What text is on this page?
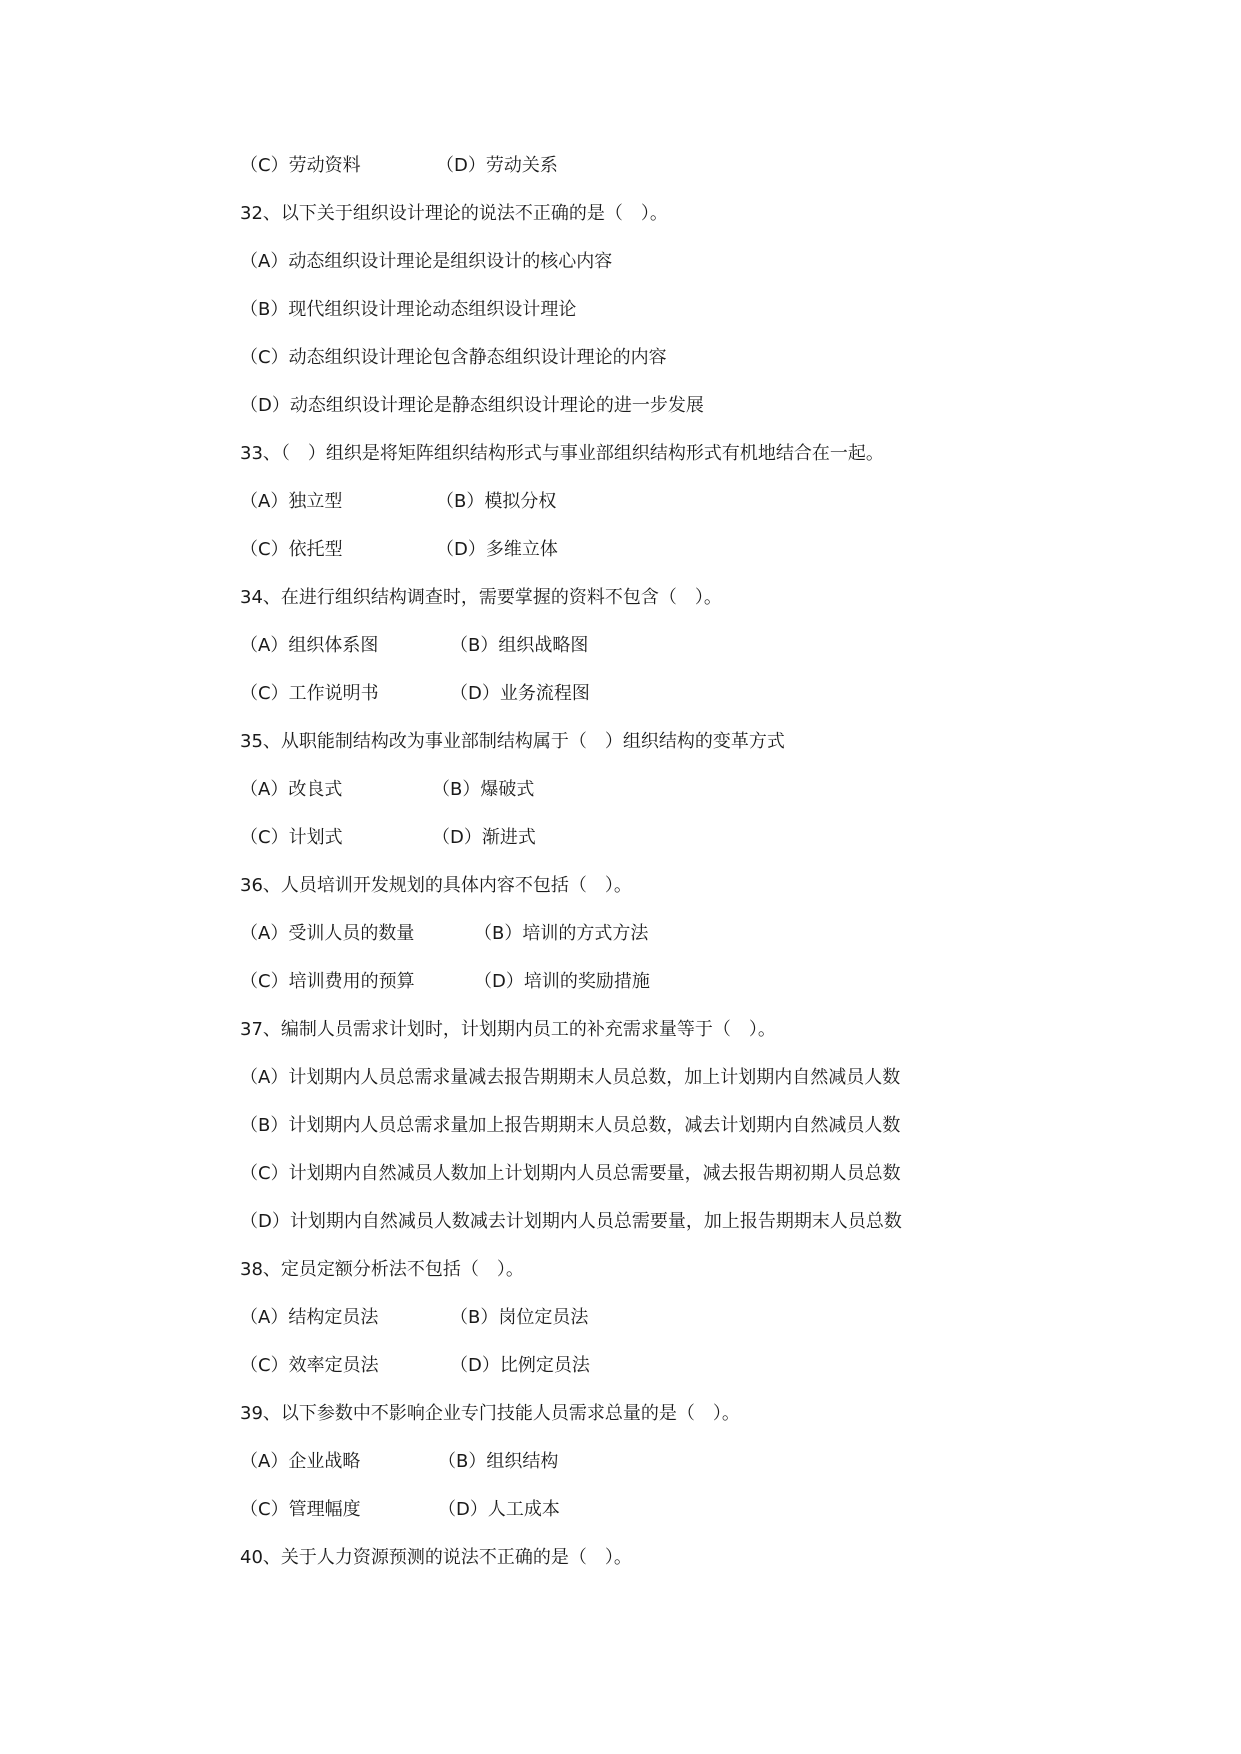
（C）劳动资料	（D）劳动关系
32、以下关于组织设计理论的说法不正确的是（　）。
（A）动态组织设计理论是组织设计的核心内容
（B）现代组织设计理论动态组织设计理论
（C）动态组织设计理论包含静态组织设计理论的内容
（D）动态组织设计理论是静态组织设计理论的进一步发展
33、（　）组织是将矩阵组织结构形式与事业部组织结构形式有机地结合在一起。
（A）独立型	（B）模拟分权
（C）依托型	（D）多维立体
34、在进行组织结构调查时，需要掌握的资料不包含（　）。
（A）组织体系图	（B）组织战略图
（C）工作说明书	（D）业务流程图
35、从职能制结构改为事业部制结构属于（　）组织结构的变革方式
（A）改良式	（B）爆破式
（C）计划式	（D）渐进式
36、人员培训开发规划的具体内容不包括（　）。
（A）受训人员的数量	（B）培训的方式方法
（C）培训费用的预算	（D）培训的奖励措施
37、编制人员需求计划时，计划期内员工的补充需求量等于（　）。
（A）计划期内人员总需求量减去报告期期末人员总数，加上计划期内自然减员人数
（B）计划期内人员总需求量加上报告期期末人员总数，减去计划期内自然减员人数
（C）计划期内自然减员人数加上计划期内人员总需要量，减去报告期初期人员总数
（D）计划期内自然减员人数减去计划期内人员总需要量，加上报告期期末人员总数
38、定员定额分析法不包括（　）。
（A）结构定员法	（B）岗位定员法
（C）效率定员法	（D）比例定员法
39、以下参数中不影响企业专门技能人员需求总量的是（　）。
（A）企业战略	（B）组织结构
（C）管理幅度	（D）人工成本
40、关于人力资源预测的说法不正确的是（　）。
